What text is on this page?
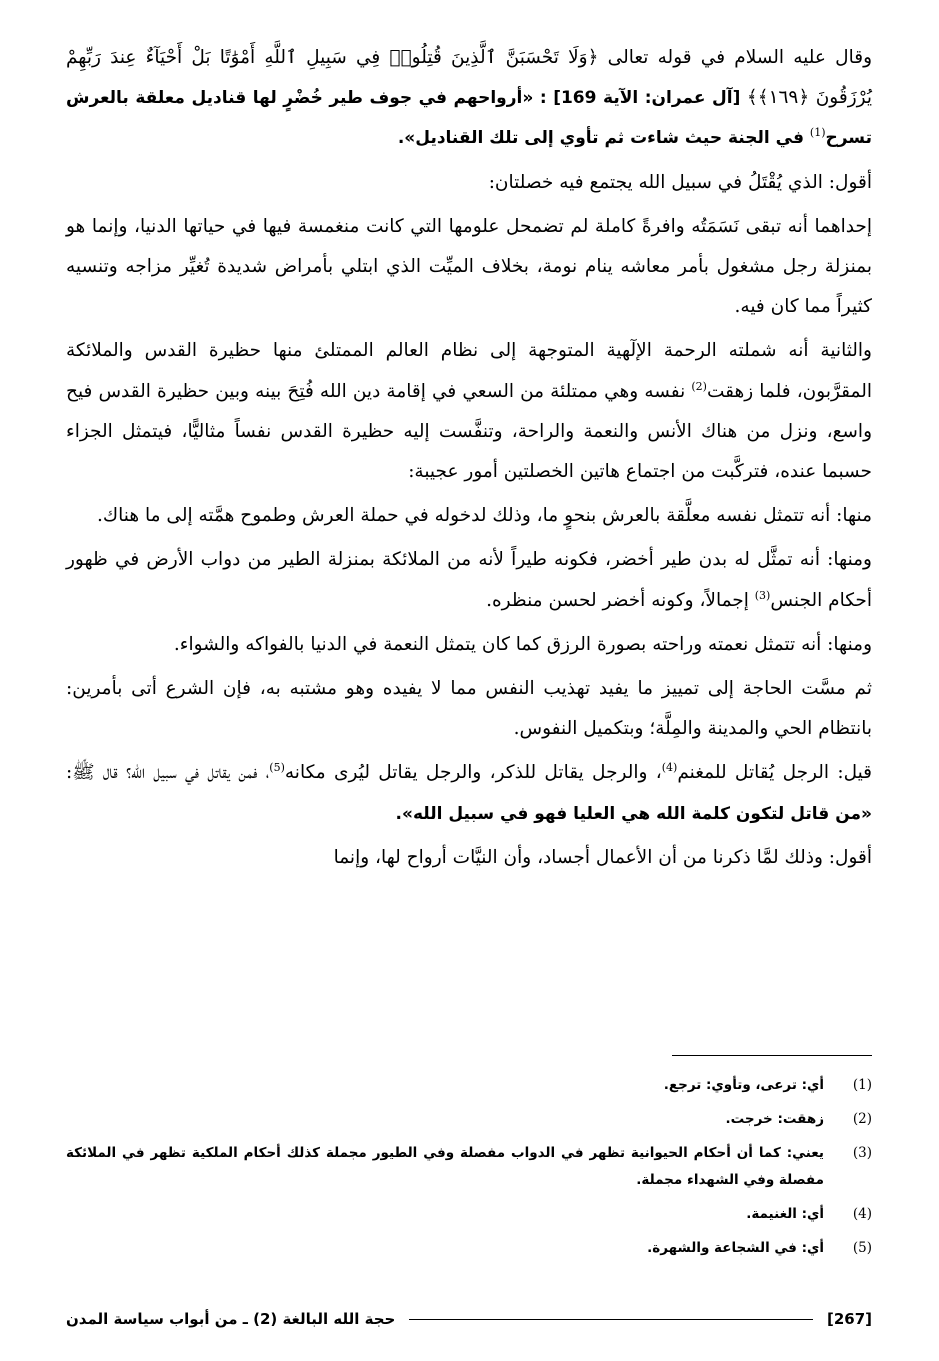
وقال عليه السلام في قوله تعالى ﴿وَلَا تَحْسَبَنَّ ٱلَّذِينَ قُتِلُوا۟ فِي سَبِيلِ ٱللَّهِ أَمْوَٰتًا بَلْ أَحْيَآءٌ عِندَ رَبِّهِمْ يُرْزَقُونَ ﴿١٦٩﴾﴾ [آل عمران: الآية 169] : «أرواحهم في جوف طير خُضْرٍ لها قناديل معلقة بالعرش تسرح$^{(1)}$ في الجنة حيث شاءت ثم تأوي إلى تلك القناديل».

أقول: الذي يُقْتَلُ في سبيل الله يجتمع فيه خصلتان:

إحداهما أنه تبقى نَسَمَتُه وافرةً كاملة لم تضمحل علومها التي كانت منغمسة فيها في حياتها الدنيا، وإنما هو بمنزلة رجل مشغول بأمر معاشه ينام نومة، بخلاف الميِّت الذي ابتلي بأمراض شديدة تُغيِّر مزاجه وتنسيه كثيراً مما كان فيه.

والثانية أنه شملته الرحمة الإلٓهية المتوجهة إلى نظام العالم الممتلئ منها حظيرة القدس والملائكة المقرَّبون، فلما زهقت$^{(2)}$ نفسه وهي ممتلئة من السعي في إقامة دين الله فُتِحَ بينه وبين حظيرة القدس فيح واسع، ونزل من هناك الأنس والنعمة والراحة، وتنفَّست إليه حظيرة القدس نفساً مثاليًّا، فيتمثل الجزاء حسبما عنده، فتركَّبت من اجتماع هاتين الخصلتين أمور عجيبة:

منها: أنه تتمثل نفسه معلَّقة بالعرش بنحوٍ ما، وذلك لدخوله في حملة العرش وطموح همَّته إلى ما هناك.

ومنها: أنه تمثَّل له بدن طير أخضر، فكونه طيراً لأنه من الملائكة بمنزلة الطير من دواب الأرض في ظهور أحكام الجنس$^{(3)}$ إجمالاً، وكونه أخضر لحسن منظره.

ومنها: أنه تتمثل نعمته وراحته بصورة الرزق كما كان يتمثل النعمة في الدنيا بالفواكه والشواء.

ثم مسَّت الحاجة إلى تمييز ما يفيد تهذيب النفس مما لا يفيده وهو مشتبه به، فإن الشرع أتى بأمرين: بانتظام الحي والمدينة والمِلَّة؛ وبتكميل النفوس.

قيل: الرجل يُقاتل للمغنم$^{(4)}$، والرجل يقاتل للذكر، والرجل يقاتل ليُرى مكانه$^{(5)}$، فمن يقاتل في سبيل الله؟ قال ﷺ: «من قاتل لتكون كلمة الله هي العليا فهو في سبيل الله».

أقول: وذلك لمَّا ذكرنا من أن الأعمال أجساد، وأن النيَّات أرواح لها، وإنما

(1)
أي: ترعى، وتأوي: ترجع.
(2)
زهقت: خرجت.
(3)
يعني: كما أن أحكام الحيوانية تظهر في الدواب مفصلة وفي الطيور مجملة كذلك أحكام الملكية تظهر في الملائكة مفصلة وفي الشهداء مجملة.
(4)
أي: الغنيمة.
(5)
أي: في الشجاعة والشهرة.
[267]
حجة الله البالغة (2) ـ من أبواب سياسة المدن
